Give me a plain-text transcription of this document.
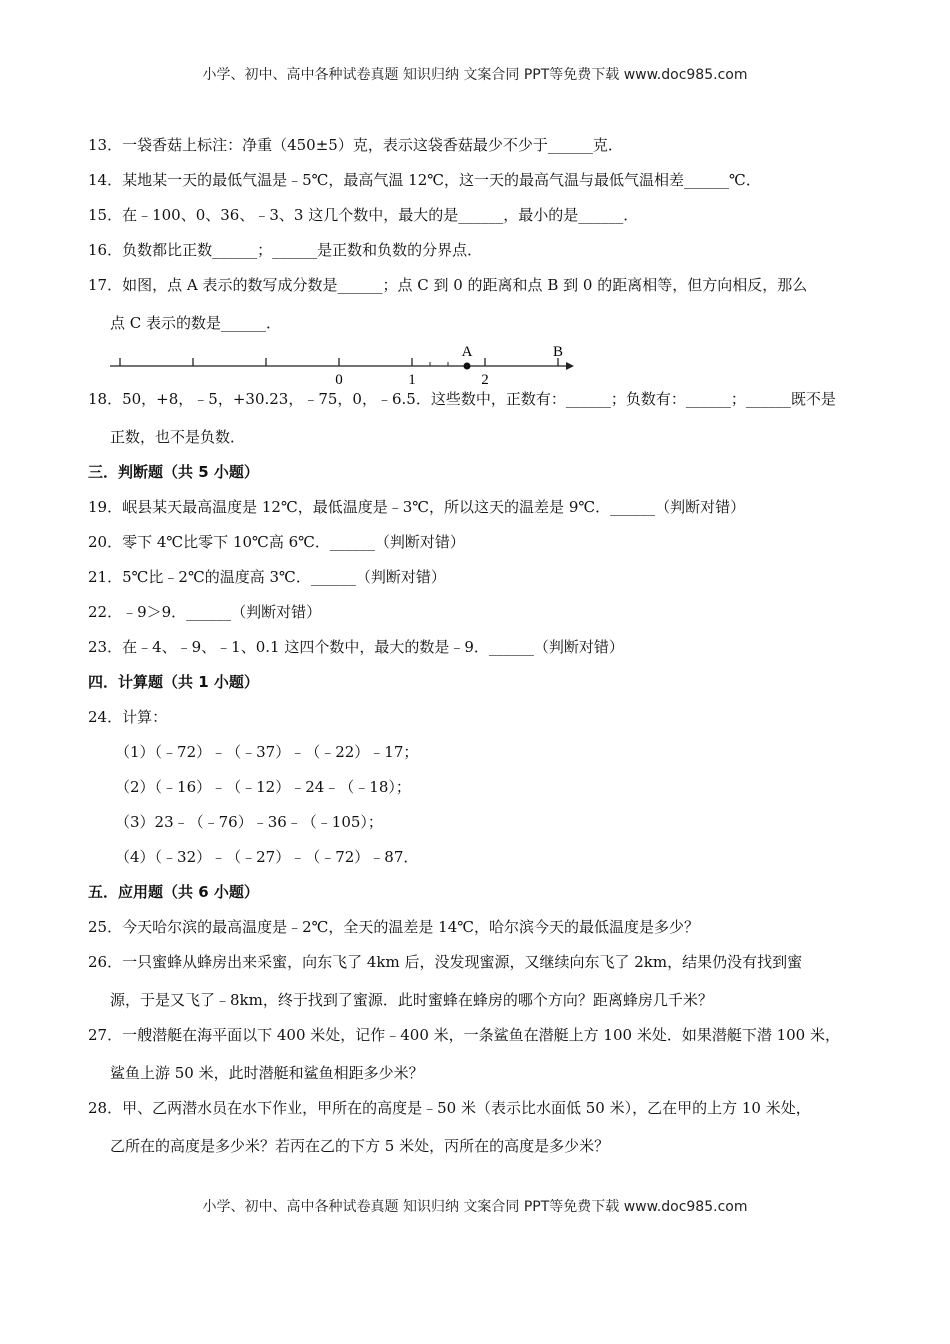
小学、初中、高中各种试卷真题 知识归纳 文案合同 PPT等免费下载 www.doc985.com
13．一袋香菇上标注：净重（450±5）克，表示这袋香菇最少不少于______克．
14．某地某一天的最低气温是﹣5℃，最高气温 12℃，这一天的最高气温与最低气温相差______℃．
15．在﹣100、0、36、﹣3、3 这几个数中，最大的是______，最小的是______．
16．负数都比正数______；______是正数和负数的分界点．
17．如图，点 A 表示的数写成分数是______；点 C 到 0 的距离和点 B 到 0 的距离相等，但方向相反，那么
点 C 表示的数是______．
0	1	2
A	B
18．50，+8，﹣5，+30.23，﹣75，0，﹣6.5．这些数中，正数有：______；负数有：______；______既不是
正数，也不是负数．
三．判断题（共 5 小题）
19．岷县某天最高温度是 12℃，最低温度是﹣3℃，所以这天的温差是 9℃．______（判断对错）
20．零下 4℃比零下 10℃高 6℃．______（判断对错）
21．5℃比﹣2℃的温度高 3℃．______（判断对错）
22．﹣9＞9．______（判断对错）
23．在﹣4、﹣9、﹣1、0.1 这四个数中，最大的数是﹣9．______（判断对错）
四．计算题（共 1 小题）
24．计算：
（1）（﹣72）﹣（﹣37）﹣（﹣22）﹣17；
（2）（﹣16）﹣（﹣12）﹣24﹣（﹣18）；
（3）23﹣（﹣76）﹣36﹣（﹣105）；
（4）（﹣32）﹣（﹣27）﹣（﹣72）﹣87．
五．应用题（共 6 小题）
25．今天哈尔滨的最高温度是﹣2℃，全天的温差是 14℃，哈尔滨今天的最低温度是多少？
26．一只蜜蜂从蜂房出来采蜜，向东飞了 4km 后，没发现蜜源，又继续向东飞了 2km，结果仍没有找到蜜
源，于是又飞了﹣8km，终于找到了蜜源．此时蜜蜂在蜂房的哪个方向？距离蜂房几千米？
27．一艘潜艇在海平面以下 400 米处，记作﹣400 米，一条鲨鱼在潜艇上方 100 米处．如果潜艇下潜 100 米，
鲨鱼上游 50 米，此时潜艇和鲨鱼相距多少米？
28．甲、乙两潜水员在水下作业，甲所在的高度是﹣50 米（表示比水面低 50 米），乙在甲的上方 10 米处，
乙所在的高度是多少米？若丙在乙的下方 5 米处，丙所在的高度是多少米？
小学、初中、高中各种试卷真题 知识归纳 文案合同 PPT等免费下载 www.doc985.com
